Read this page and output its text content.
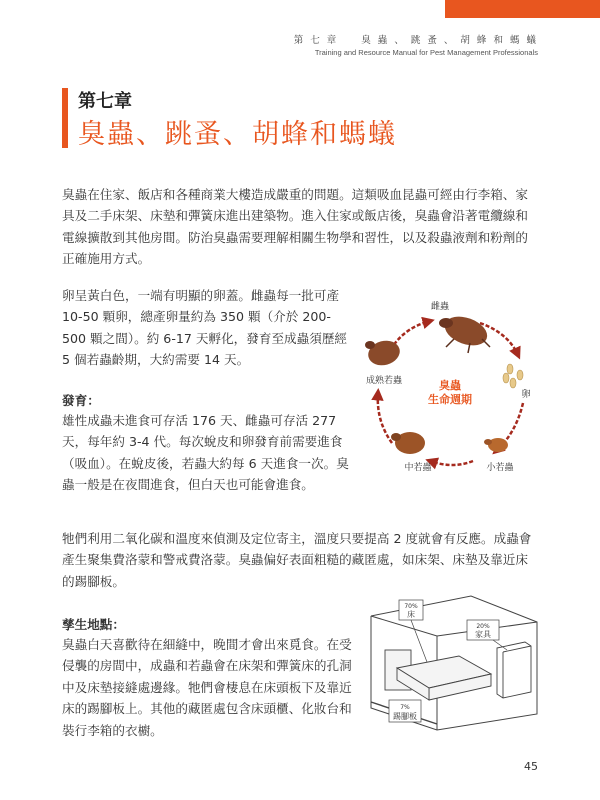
第 七 章　　臭 蟲 、 跳 蚤 、 胡 蜂 和 螞 蟻
Training and Resource Manual for Pest Management Professionals
第七章
臭蟲、跳蚤、胡蜂和螞蟻

臭蟲在住家、飯店和各種商業大樓造成嚴重的問題。這類吸血昆蟲可經由行李箱、家具及二手床架、床墊和彈簧床進出建築物。進入住家或飯店後，臭蟲會沿著電纜線和電線擴散到其他房間。防治臭蟲需要理解相關生物學和習性，以及殺蟲液劑和粉劑的正確施用方式。

卵呈黃白色，一端有明顯的卵蓋。雌蟲每一批可產 10-50 顆卵，總產卵量約為 350 顆（介於 200-500 顆之間）。約 6-17 天孵化，發育至成蟲須歷經 5 個若蟲齡期，大約需要 14 天。

發育：

雄性成蟲未進食可存活 176 天、雌蟲可存活 277 天，每年約 3-4 代。每次蛻皮和卵發育前需要進食（吸血）。在蛻皮後，若蟲大約每 6 天進食一次。臭蟲一般是在夜間進食，但白天也可能會進食。

臭蟲
生命週期
雌蟲
卵
小若蟲
中若蟲
成熟若蟲

牠們利用二氧化碳和溫度來偵測及定位寄主，溫度只要提高 2 度就會有反應。成蟲會產生聚集費洛蒙和警戒費洛蒙。臭蟲偏好表面粗糙的藏匿處，如床架、床墊及靠近床的踢腳板。

孳生地點：

臭蟲白天喜歡待在細縫中，晚間才會出來覓食。在受侵襲的房間中，成蟲和若蟲會在床架和彈簧床的孔洞中及床墊接縫處邊緣。牠們會棲息在床頭板下及靠近床的踢腳板上。其他的藏匿處包含床頭櫃、化妝台和裝行李箱的衣櫥。

70%
床
20%
家具
7%
踢腳板
45
